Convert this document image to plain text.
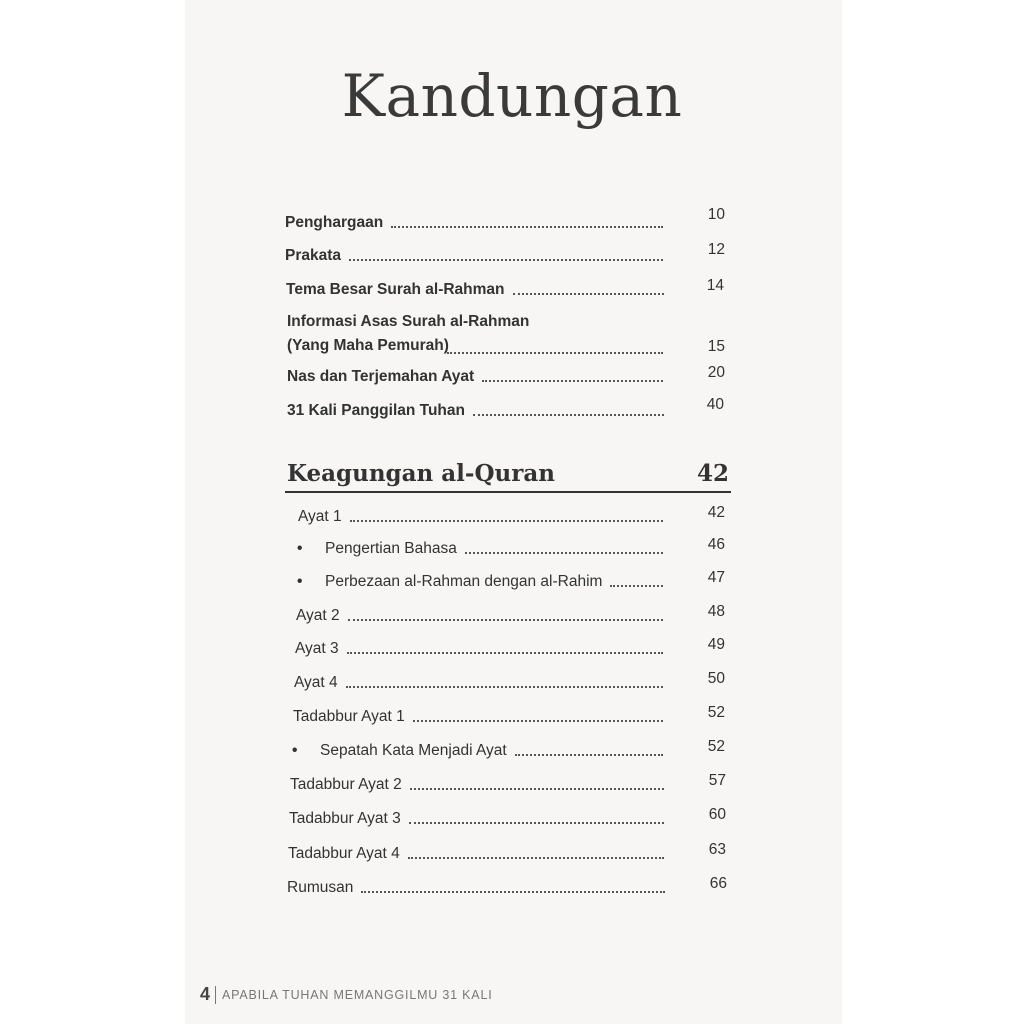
Kandungan
Penghargaan	10
Prakata	12
Tema Besar Surah al-Rahman	14
Informasi Asas Surah al-Rahman
(Yang Maha Pemurah)	15
Nas dan Terjemahan Ayat	20
31 Kali Panggilan Tuhan	40
Keagungan al-Quran	42
Ayat 1	42
• Pengertian Bahasa	46
• Perbezaan al-Rahman dengan al-Rahim	47
Ayat 2	48
Ayat 3	49
Ayat 4	50
Tadabbur Ayat 1	52
• Sepatah Kata Menjadi Ayat	52
Tadabbur Ayat 2	57
Tadabbur Ayat 3	60
Tadabbur Ayat 4	63
Rumusan	66
4 APABILA TUHAN MEMANGGILMU 31 KALI
